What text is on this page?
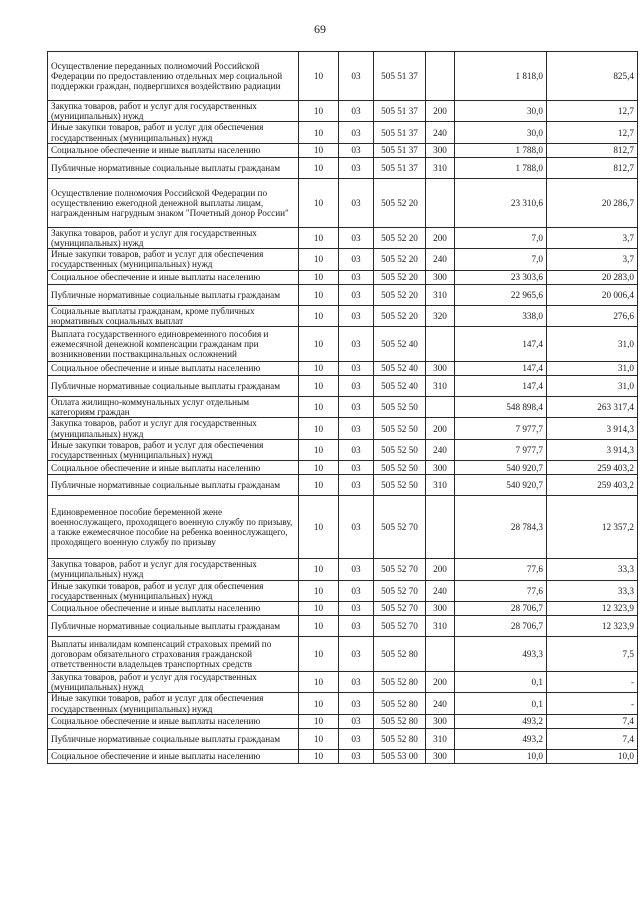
69
Осуществление переданных полномочий Российской Федерации по предоставлению отдельных мер социальной поддержки граждан, подвергшихся воздействию радиации	10	03	505 51 37		1 818,0	825,4
Закупка товаров, работ и услуг для государственных (муниципальных) нужд	10	03	505 51 37	200	30,0	12,7
Иные закупки товаров, работ и услуг для обеспечения государственных (муниципальных) нужд	10	03	505 51 37	240	30,0	12,7
Социальное обеспечение и иные выплаты населению	10	03	505 51 37	300	1 788,0	812,7
Публичные нормативные социальные выплаты гражданам	10	03	505 51 37	310	1 788,0	812,7
Осуществление полномочия Российской Федерации по осуществлению ежегодной денежной выплаты лицам, награжденным нагрудным знаком "Почетный донор России"	10	03	505 52 20		23 310,6	20 286,7
Закупка товаров, работ и услуг для государственных (муниципальных) нужд	10	03	505 52 20	200	7,0	3,7
Иные закупки товаров, работ и услуг для обеспечения государственных (муниципальных) нужд	10	03	505 52 20	240	7,0	3,7
Социальное обеспечение и иные выплаты населению	10	03	505 52 20	300	23 303,6	20 283,0
Публичные нормативные социальные выплаты гражданам	10	03	505 52 20	310	22 965,6	20 006,4
Социальные выплаты гражданам, кроме публичных нормативных социальных выплат	10	03	505 52 20	320	338,0	276,6
Выплата государственного единовременного пособия и ежемесячной денежной компенсации гражданам при возникновении поствакцинальных осложнений	10	03	505 52 40		147,4	31,0
Социальное обеспечение и иные выплаты населению	10	03	505 52 40	300	147,4	31,0
Публичные нормативные социальные выплаты гражданам	10	03	505 52 40	310	147,4	31,0
Оплата жилищно-коммунальных услуг отдельным категориям граждан	10	03	505 52 50		548 898,4	263 317,4
Закупка товаров, работ и услуг для государственных (муниципальных) нужд	10	03	505 52 50	200	7 977,7	3 914,3
Иные закупки товаров, работ и услуг для обеспечения государственных (муниципальных) нужд	10	03	505 52 50	240	7 977,7	3 914,3
Социальное обеспечение и иные выплаты населению	10	03	505 52 50	300	540 920,7	259 403,2
Публичные нормативные социальные выплаты гражданам	10	03	505 52 50	310	540 920,7	259 403,2
Единовременное пособие беременной жене военнослужащего, проходящего военную службу по призыву, а также ежемесячное пособие на ребенка военнослужащего, проходящего военную службу по призыву	10	03	505 52 70		28 784,3	12 357,2
Закупка товаров, работ и услуг для государственных (муниципальных) нужд	10	03	505 52 70	200	77,6	33,3
Иные закупки товаров, работ и услуг для обеспечения государственных (муниципальных) нужд	10	03	505 52 70	240	77,6	33,3
Социальное обеспечение и иные выплаты населению	10	03	505 52 70	300	28 706,7	12 323,9
Публичные нормативные социальные выплаты гражданам	10	03	505 52 70	310	28 706,7	12 323,9
Выплаты инвалидам компенсаций страховых премий по договорам обязательного страхования гражданской ответственности владельцев транспортных средств	10	03	505 52 80		493,3	7,5
Закупка товаров, работ и услуг для государственных (муниципальных) нужд	10	03	505 52 80	200	0,1	-
Иные закупки товаров, работ и услуг для обеспечения государственных (муниципальных) нужд	10	03	505 52 80	240	0,1	-
Социальное обеспечение и иные выплаты населению	10	03	505 52 80	300	493,2	7,4
Публичные нормативные социальные выплаты гражданам	10	03	505 52 80	310	493,2	7,4
Социальное обеспечение и иные выплаты населению	10	03	505 53 00	300	10,0	10,0
